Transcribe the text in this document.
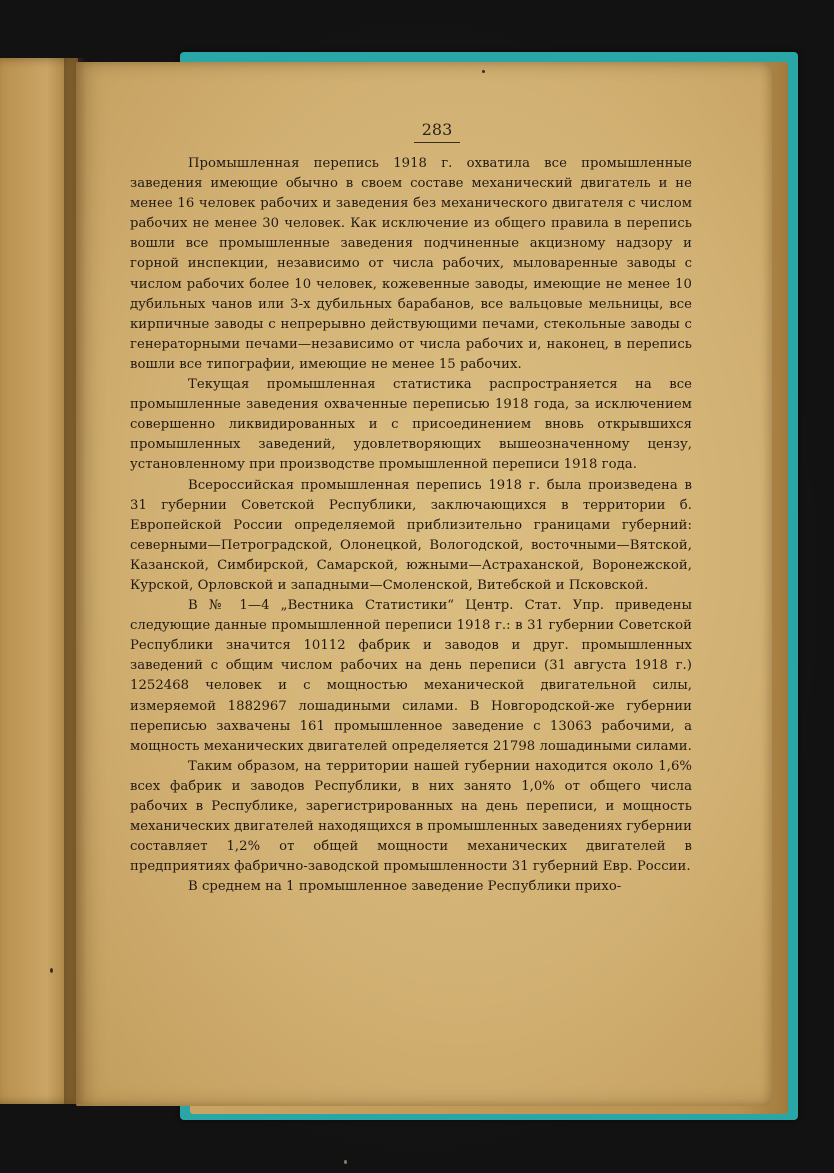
283

Промышленная перепись 1918 г. охватила все промышленные заведения имеющие обычно в своем составе механический двигатель и не менее 16 человек рабочих и заведения без механического двигателя с числом рабочих не менее 30 человек. Как исключение из общего правила в перепись вошли все промышленные заведения подчиненные акцизному надзору и горной инспекции, независимо от числа рабочих, мыловаренные заводы с числом рабочих более 10 человек, кожевенные заводы, имеющие не менее 10 дубильных чанов или 3-х дубильных барабанов, все вальцовые мельницы, все кирпичные заводы с непрерывно действующими печами, стекольные заводы с генераторными печами—независимо от числа рабочих и, наконец, в перепись вошли все типографии, имеющие не менее 15 рабочих.

Текущая промышленная статистика распространяется на все промышленные заведения охваченные переписью 1918 года, за исключением совершенно ликвидированных и с присоединением вновь открывшихся промышленных заведений, удовлетворяющих вышеозначенному цензу, установленному при производстве промышленной переписи 1918 года.

Всероссийская промышленная перепись 1918 г. была произведена в 31 губернии Советской Республики, заключающихся в территории б. Европейской России определяемой приблизительно границами губерний: северными—Петроградской, Олонецкой, Вологодской, восточными—Вятской, Казанской, Симбирской, Самарской, южными—Астраханской, Воронежской, Курской, Орловской и западными—Смоленской, Витебской и Псковской.

В № 1—4 „Вестника Статистики“ Центр. Стат. Упр. приведены следующие данные промышленной переписи 1918 г.: в 31 губернии Советской Республики значится 10112 фабрик и заводов и друг. промышленных заведений с общим числом рабочих на день переписи (31 августа 1918 г.) 1252468 человек и с мощностью механической двигательной силы, измеряемой 1882967 лошадиными силами. В Новгородской-же губернии переписью захвачены 161 промышленное заведение с 13063 рабочими, а мощность механических двигателей определяется 21798 лошадиными силами.

Таким образом, на территории нашей губернии находится около 1,6% всех фабрик и заводов Республики, в них занято 1,0% от общего числа рабочих в Республике, зарегистрированных на день переписи, и мощность механических двигателей находящихся в промышленных заведениях губернии составляет 1,2% от общей мощности механических двигателей в предприятиях фабрично-заводской промышленности 31 губерний Евр. России.

В среднем на 1 промышленное заведение Республики прихо-
